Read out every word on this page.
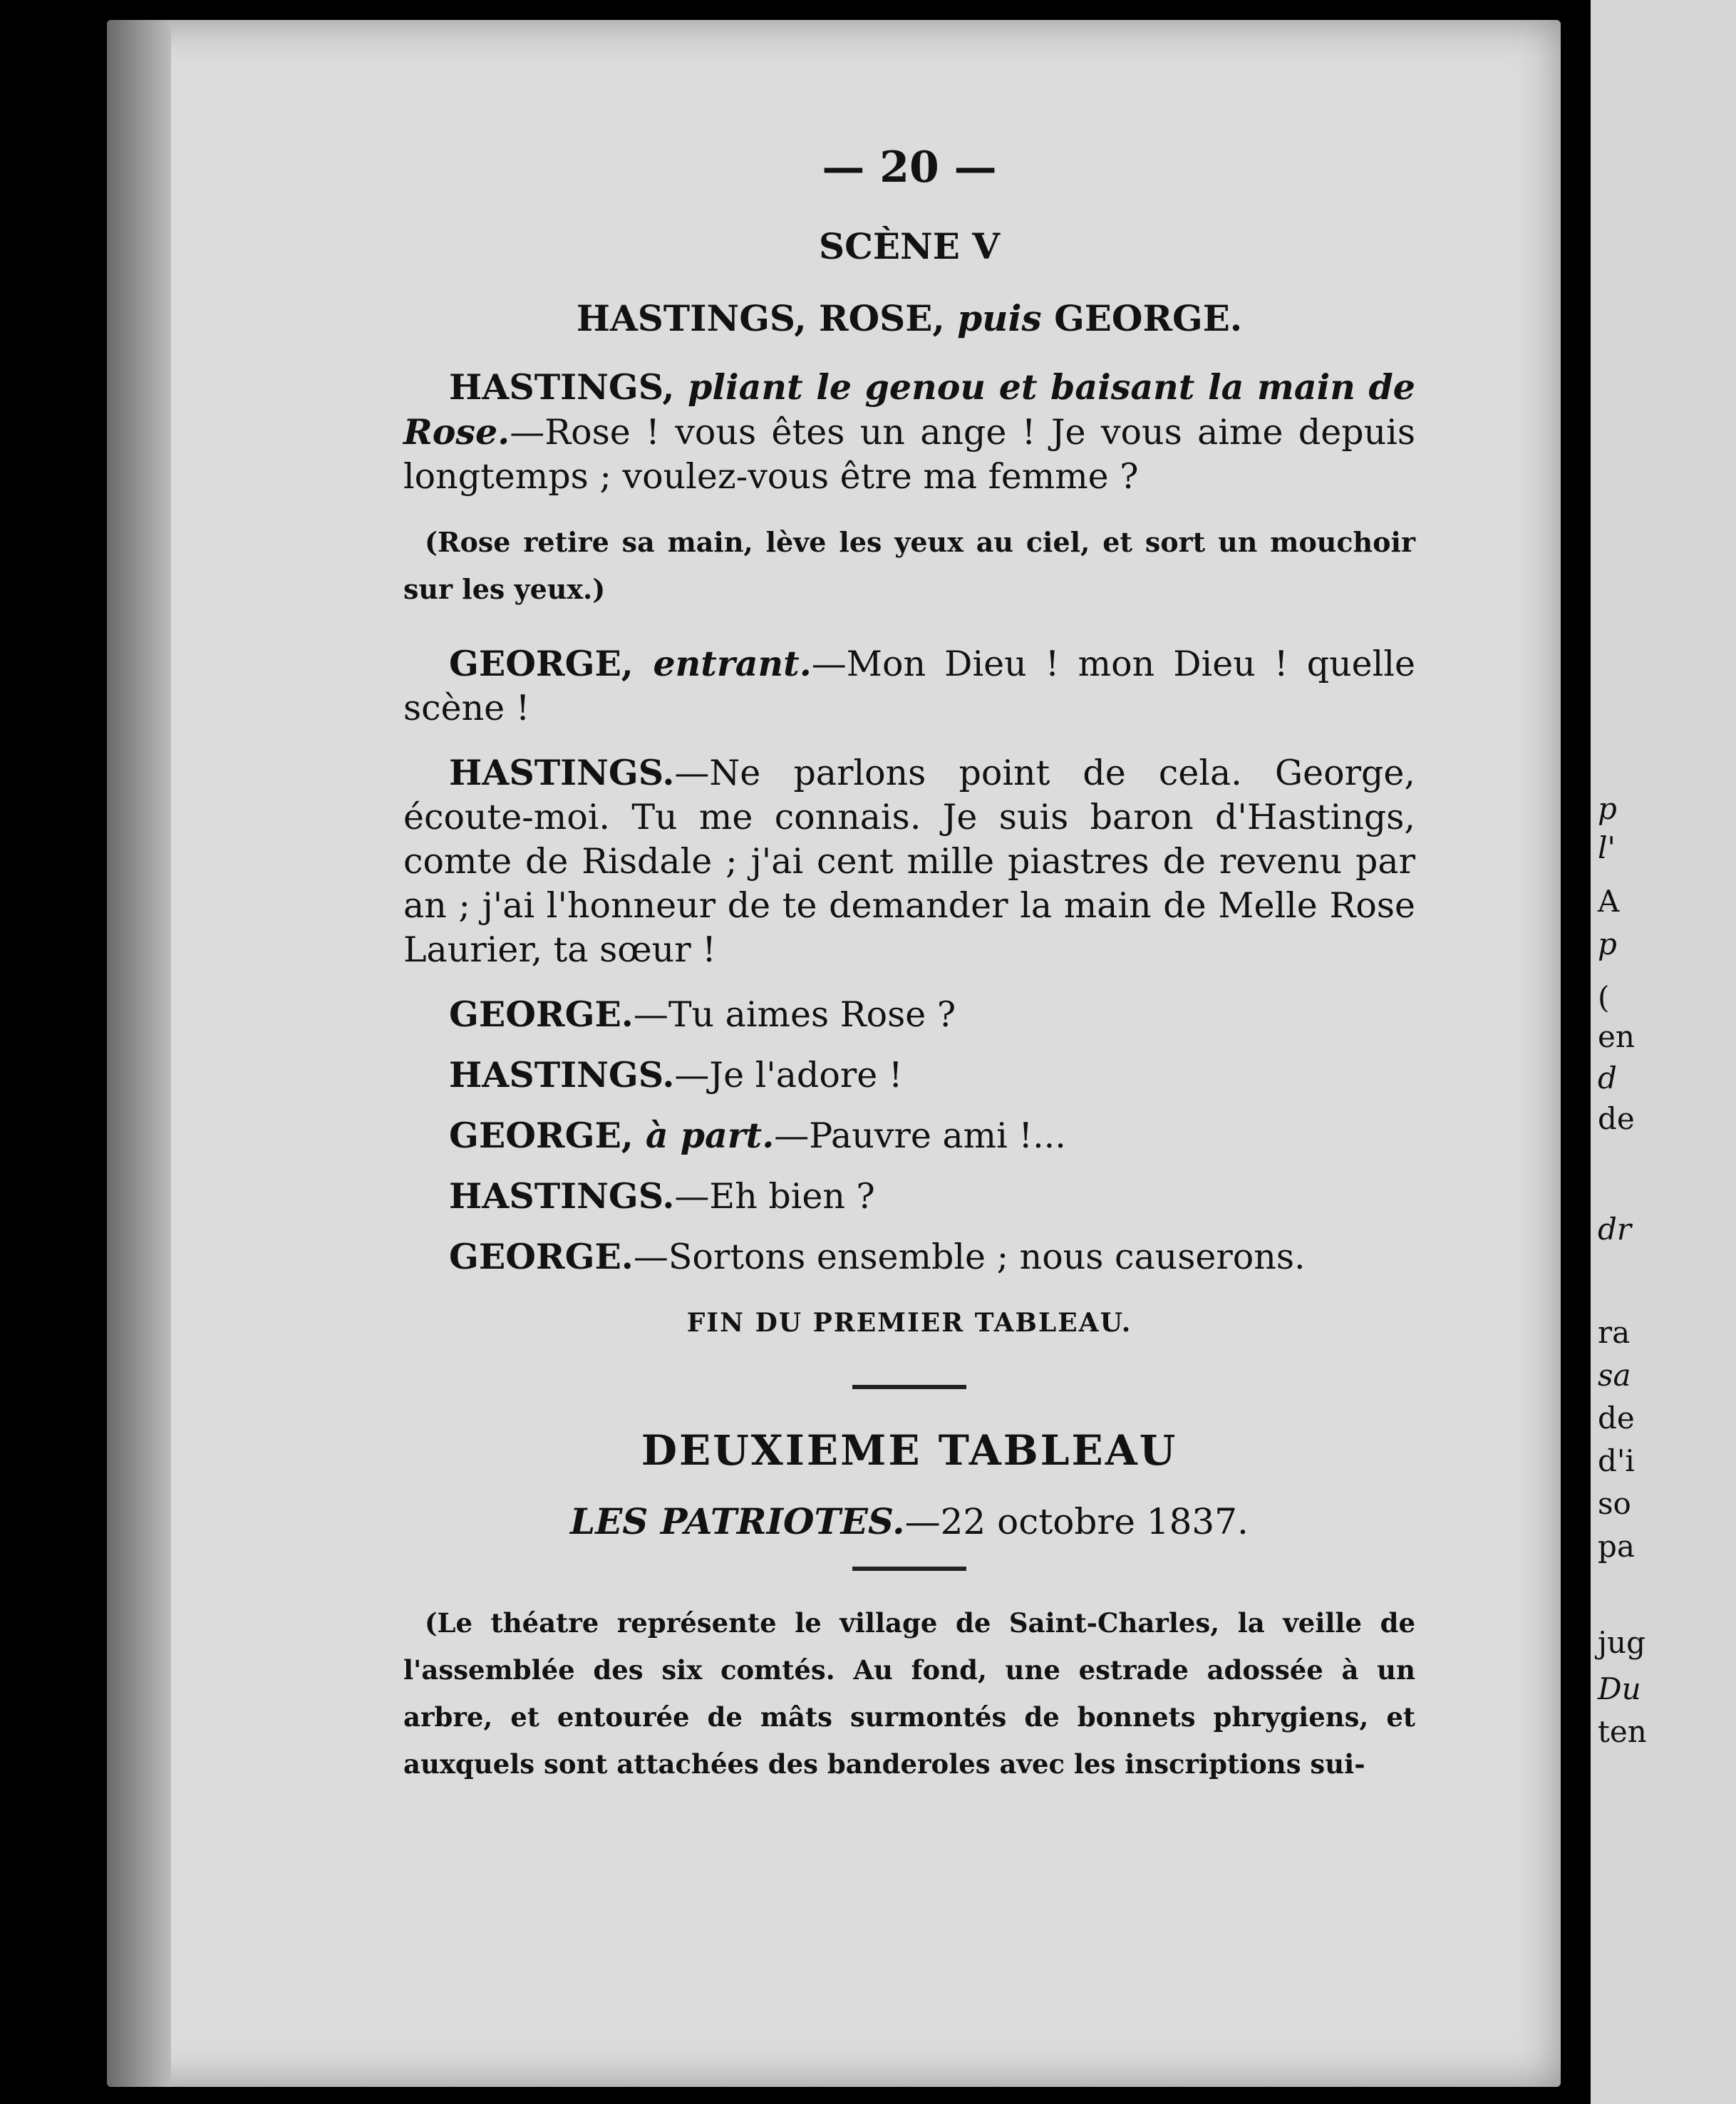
— 20 —
SCÈNE V
HASTINGS, ROSE, puis GEORGE.

HASTINGS, pliant le genou et baisant la main de Rose.—Rose ! vous êtes un ange ! Je vous aime depuis longtemps ; voulez-vous être ma femme ?

(Rose retire sa main, lève les yeux au ciel, et sort un mouchoir sur les yeux.)

GEORGE, entrant.—Mon Dieu ! mon Dieu ! quelle scène !

HASTINGS.—Ne parlons point de cela. George, écoute-moi. Tu me connais. Je suis baron d'Hastings, comte de Risdale ; j'ai cent mille piastres de revenu par an ; j'ai l'honneur de te demander la main de Melle Rose Laurier, ta sœur !

GEORGE.—Tu aimes Rose ?

HASTINGS.—Je l'adore !

GEORGE, à part.—Pauvre ami !...

HASTINGS.—Eh bien ?

GEORGE.—Sortons ensemble ; nous causerons.

FIN DU PREMIER TABLEAU.
DEUXIEME TABLEAU
LES PATRIOTES.—22 octobre 1837.

(Le théatre représente le village de Saint-Charles, la veille de l'assemblée des six comtés. Au fond, une estrade adossée à un arbre, et entourée de mâts surmontés de bonnets phrygiens, et auxquels sont attachées des banderoles avec les inscriptions sui-

p
l'
A
p
(
en
d
de
dr
ra
sa
de
d'i
so
pa
jug
Du
ten
